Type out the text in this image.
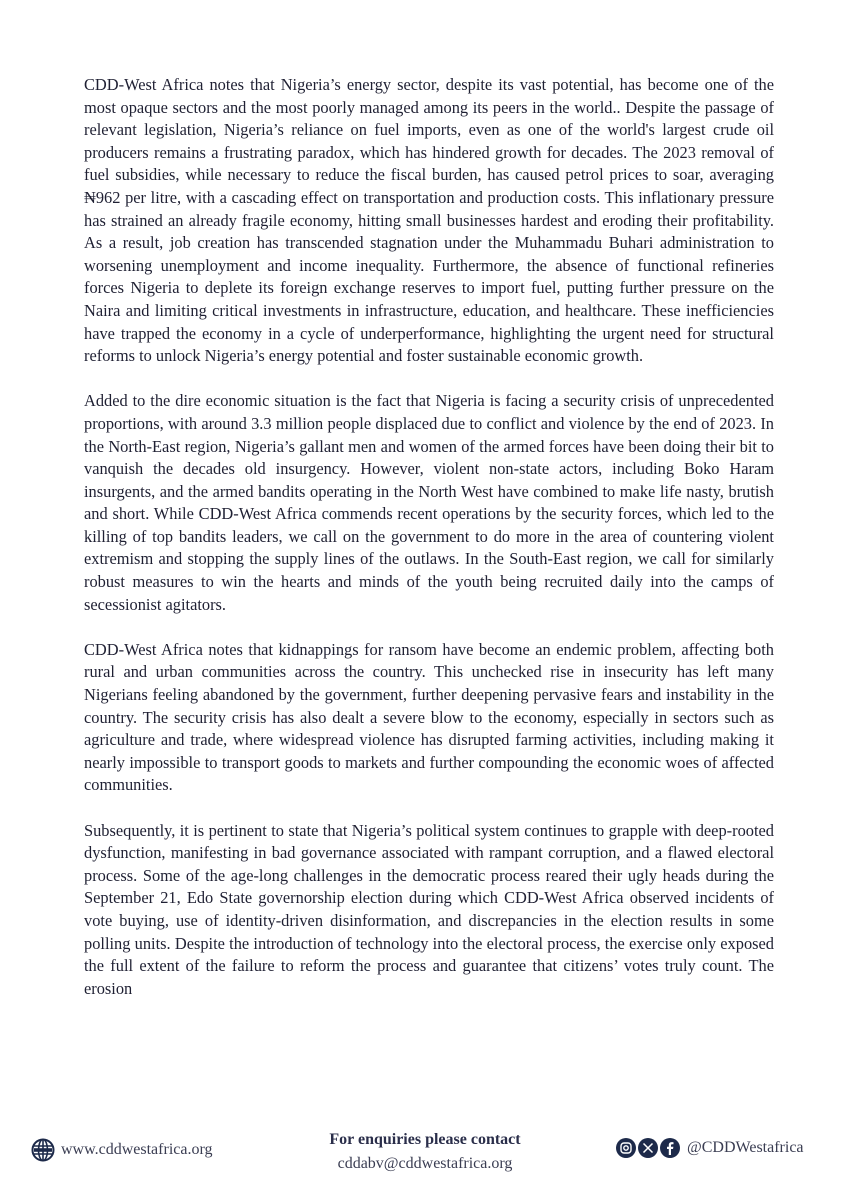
CDD-West Africa notes that Nigeria’s energy sector, despite its vast potential, has become one of the most opaque sectors and the most poorly managed among its peers in the world.. Despite the passage of relevant legislation, Nigeria’s reliance on fuel imports, even as one of the world's largest crude oil producers remains a frustrating paradox, which has hindered growth for decades. The 2023 removal of fuel subsidies, while necessary to reduce the fiscal burden, has caused petrol prices to soar, averaging ₦962 per litre, with a cascading effect on transportation and production costs. This inflationary pressure has strained an already fragile economy, hitting small businesses hardest and eroding their profitability. As a result, job creation has transcended stagnation under the Muhammadu Buhari administration to worsening unemployment and income inequality. Furthermore, the absence of functional refineries forces Nigeria to deplete its foreign exchange reserves to import fuel, putting further pressure on the Naira and limiting critical investments in infrastructure, education, and healthcare. These inefficiencies have trapped the economy in a cycle of underperformance, highlighting the urgent need for structural reforms to unlock Nigeria’s energy potential and foster sustainable economic growth.

Added to the dire economic situation is the fact that Nigeria is facing a security crisis of unprecedented proportions, with around 3.3 million people displaced due to conflict and violence by the end of 2023. In the North-East region, Nigeria’s gallant men and women of the armed forces have been doing their bit to vanquish the decades old insurgency. However, violent non-state actors, including Boko Haram insurgents, and the armed bandits operating in the North West have combined to make life nasty, brutish and short. While CDD-West Africa commends recent operations by the security forces, which led to the killing of top bandits leaders, we call on the government to do more in the area of countering violent extremism and stopping the supply lines of the outlaws. In the South-East region, we call for similarly robust measures to win the hearts and minds of the youth being recruited daily into the camps of secessionist agitators.

CDD-West Africa notes that kidnappings for ransom have become an endemic problem, affecting both rural and urban communities across the country. This unchecked rise in insecurity has left many Nigerians feeling abandoned by the government, further deepening pervasive fears and instability in the country. The security crisis has also dealt a severe blow to the economy, especially in sectors such as agriculture and trade, where widespread violence has disrupted farming activities, including making it nearly impossible to transport goods to markets and further compounding the economic woes of affected communities.

Subsequently, it is pertinent to state that Nigeria’s political system continues to grapple with deep-rooted dysfunction, manifesting in bad governance associated with rampant corruption, and a flawed electoral process. Some of the age-long challenges in the democratic process reared their ugly heads during the September 21, Edo State governorship election during which CDD-West Africa observed incidents of vote buying, use of identity-driven disinformation, and discrepancies in the election results in some polling units. Despite the introduction of technology into the electoral process, the exercise only exposed the full extent of the failure to reform the process and guarantee that citizens’ votes truly count. The erosion

www.cddwestafrica.org
For enquiries please contact
cddabv@cddwestafrica.org
@CDDWestafrica
